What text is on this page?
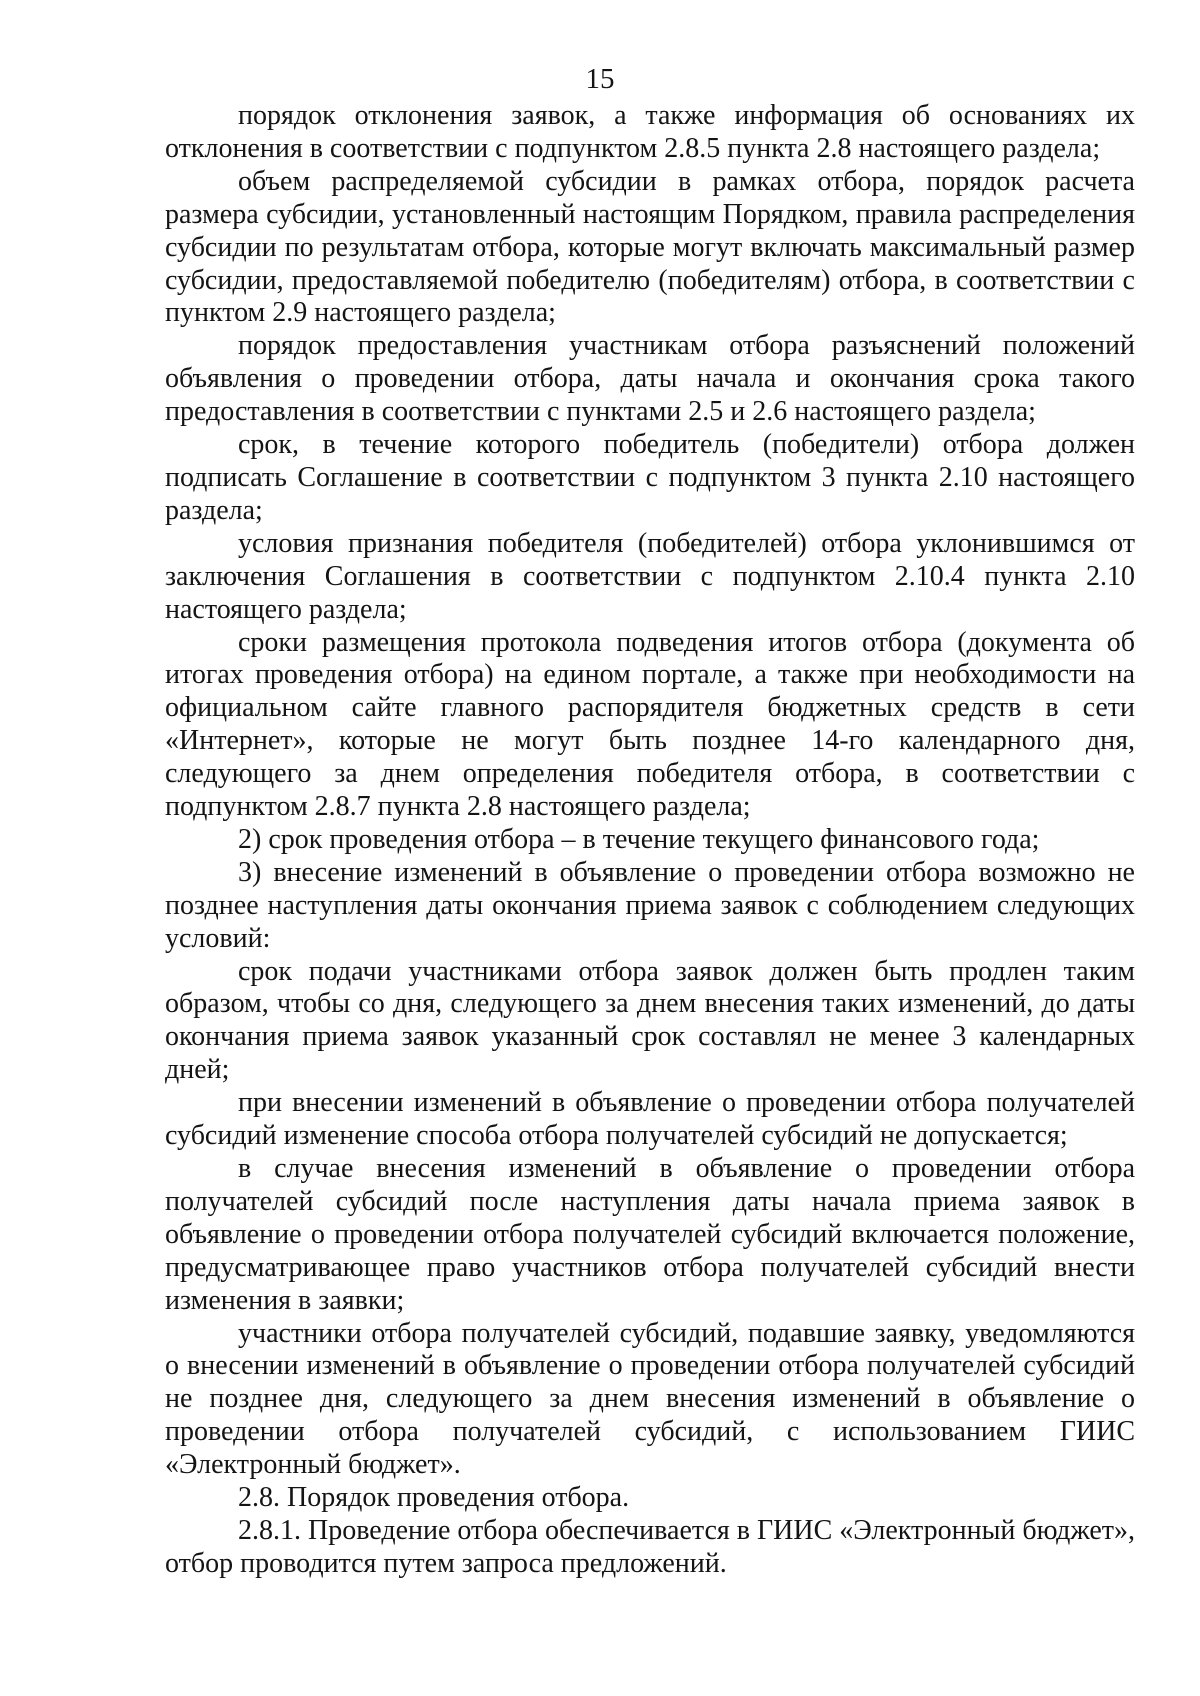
15

порядок отклонения заявок, а также информация об основаниях их отклонения в соответствии с подпунктом 2.8.5 пункта 2.8 настоящего раздела;

объем распределяемой субсидии в рамках отбора, порядок расчета размера субсидии, установленный настоящим Порядком, правила распределения субсидии по результатам отбора, которые могут включать максимальный размер субсидии, предоставляемой победителю (победителям) отбора, в соответствии с пунктом 2.9 настоящего раздела;

порядок предоставления участникам отбора разъяснений положений объявления о проведении отбора, даты начала и окончания срока такого предоставления в соответствии с пунктами 2.5 и 2.6 настоящего раздела;

срок, в течение которого победитель (победители) отбора должен подписать Соглашение в соответствии с подпунктом 3 пункта 2.10 настоящего раздела;

условия признания победителя (победителей) отбора уклонившимся от заключения Соглашения в соответствии с подпунктом 2.10.4 пункта 2.10 настоящего раздела;

сроки размещения протокола подведения итогов отбора (документа об итогах проведения отбора) на едином портале, а также при необходимости на официальном сайте главного распорядителя бюджетных средств в сети «Интернет», которые не могут быть позднее 14-го календарного дня, следующего за днем определения победителя отбора, в соответствии с подпунктом 2.8.7 пункта 2.8 настоящего раздела;

2) срок проведения отбора – в течение текущего финансового года;

3) внесение изменений в объявление о проведении отбора возможно не позднее наступления даты окончания приема заявок с соблюдением следующих условий:

срок подачи участниками отбора заявок должен быть продлен таким образом, чтобы со дня, следующего за днем внесения таких изменений, до даты окончания приема заявок указанный срок составлял не менее 3 календарных дней;

при внесении изменений в объявление о проведении отбора получателей субсидий изменение способа отбора получателей субсидий не допускается;

в случае внесения изменений в объявление о проведении отбора получателей субсидий после наступления даты начала приема заявок в объявление о проведении отбора получателей субсидий включается положение, предусматривающее право участников отбора получателей субсидий внести изменения в заявки;

участники отбора получателей субсидий, подавшие заявку, уведомляются о внесении изменений в объявление о проведении отбора получателей субсидий не позднее дня, следующего за днем внесения изменений в объявление о проведении отбора получателей субсидий, с использованием ГИИС «Электронный бюджет».

2.8. Порядок проведения отбора.

2.8.1. Проведение отбора обеспечивается в ГИИС «Электронный бюджет», отбор проводится путем запроса предложений.
